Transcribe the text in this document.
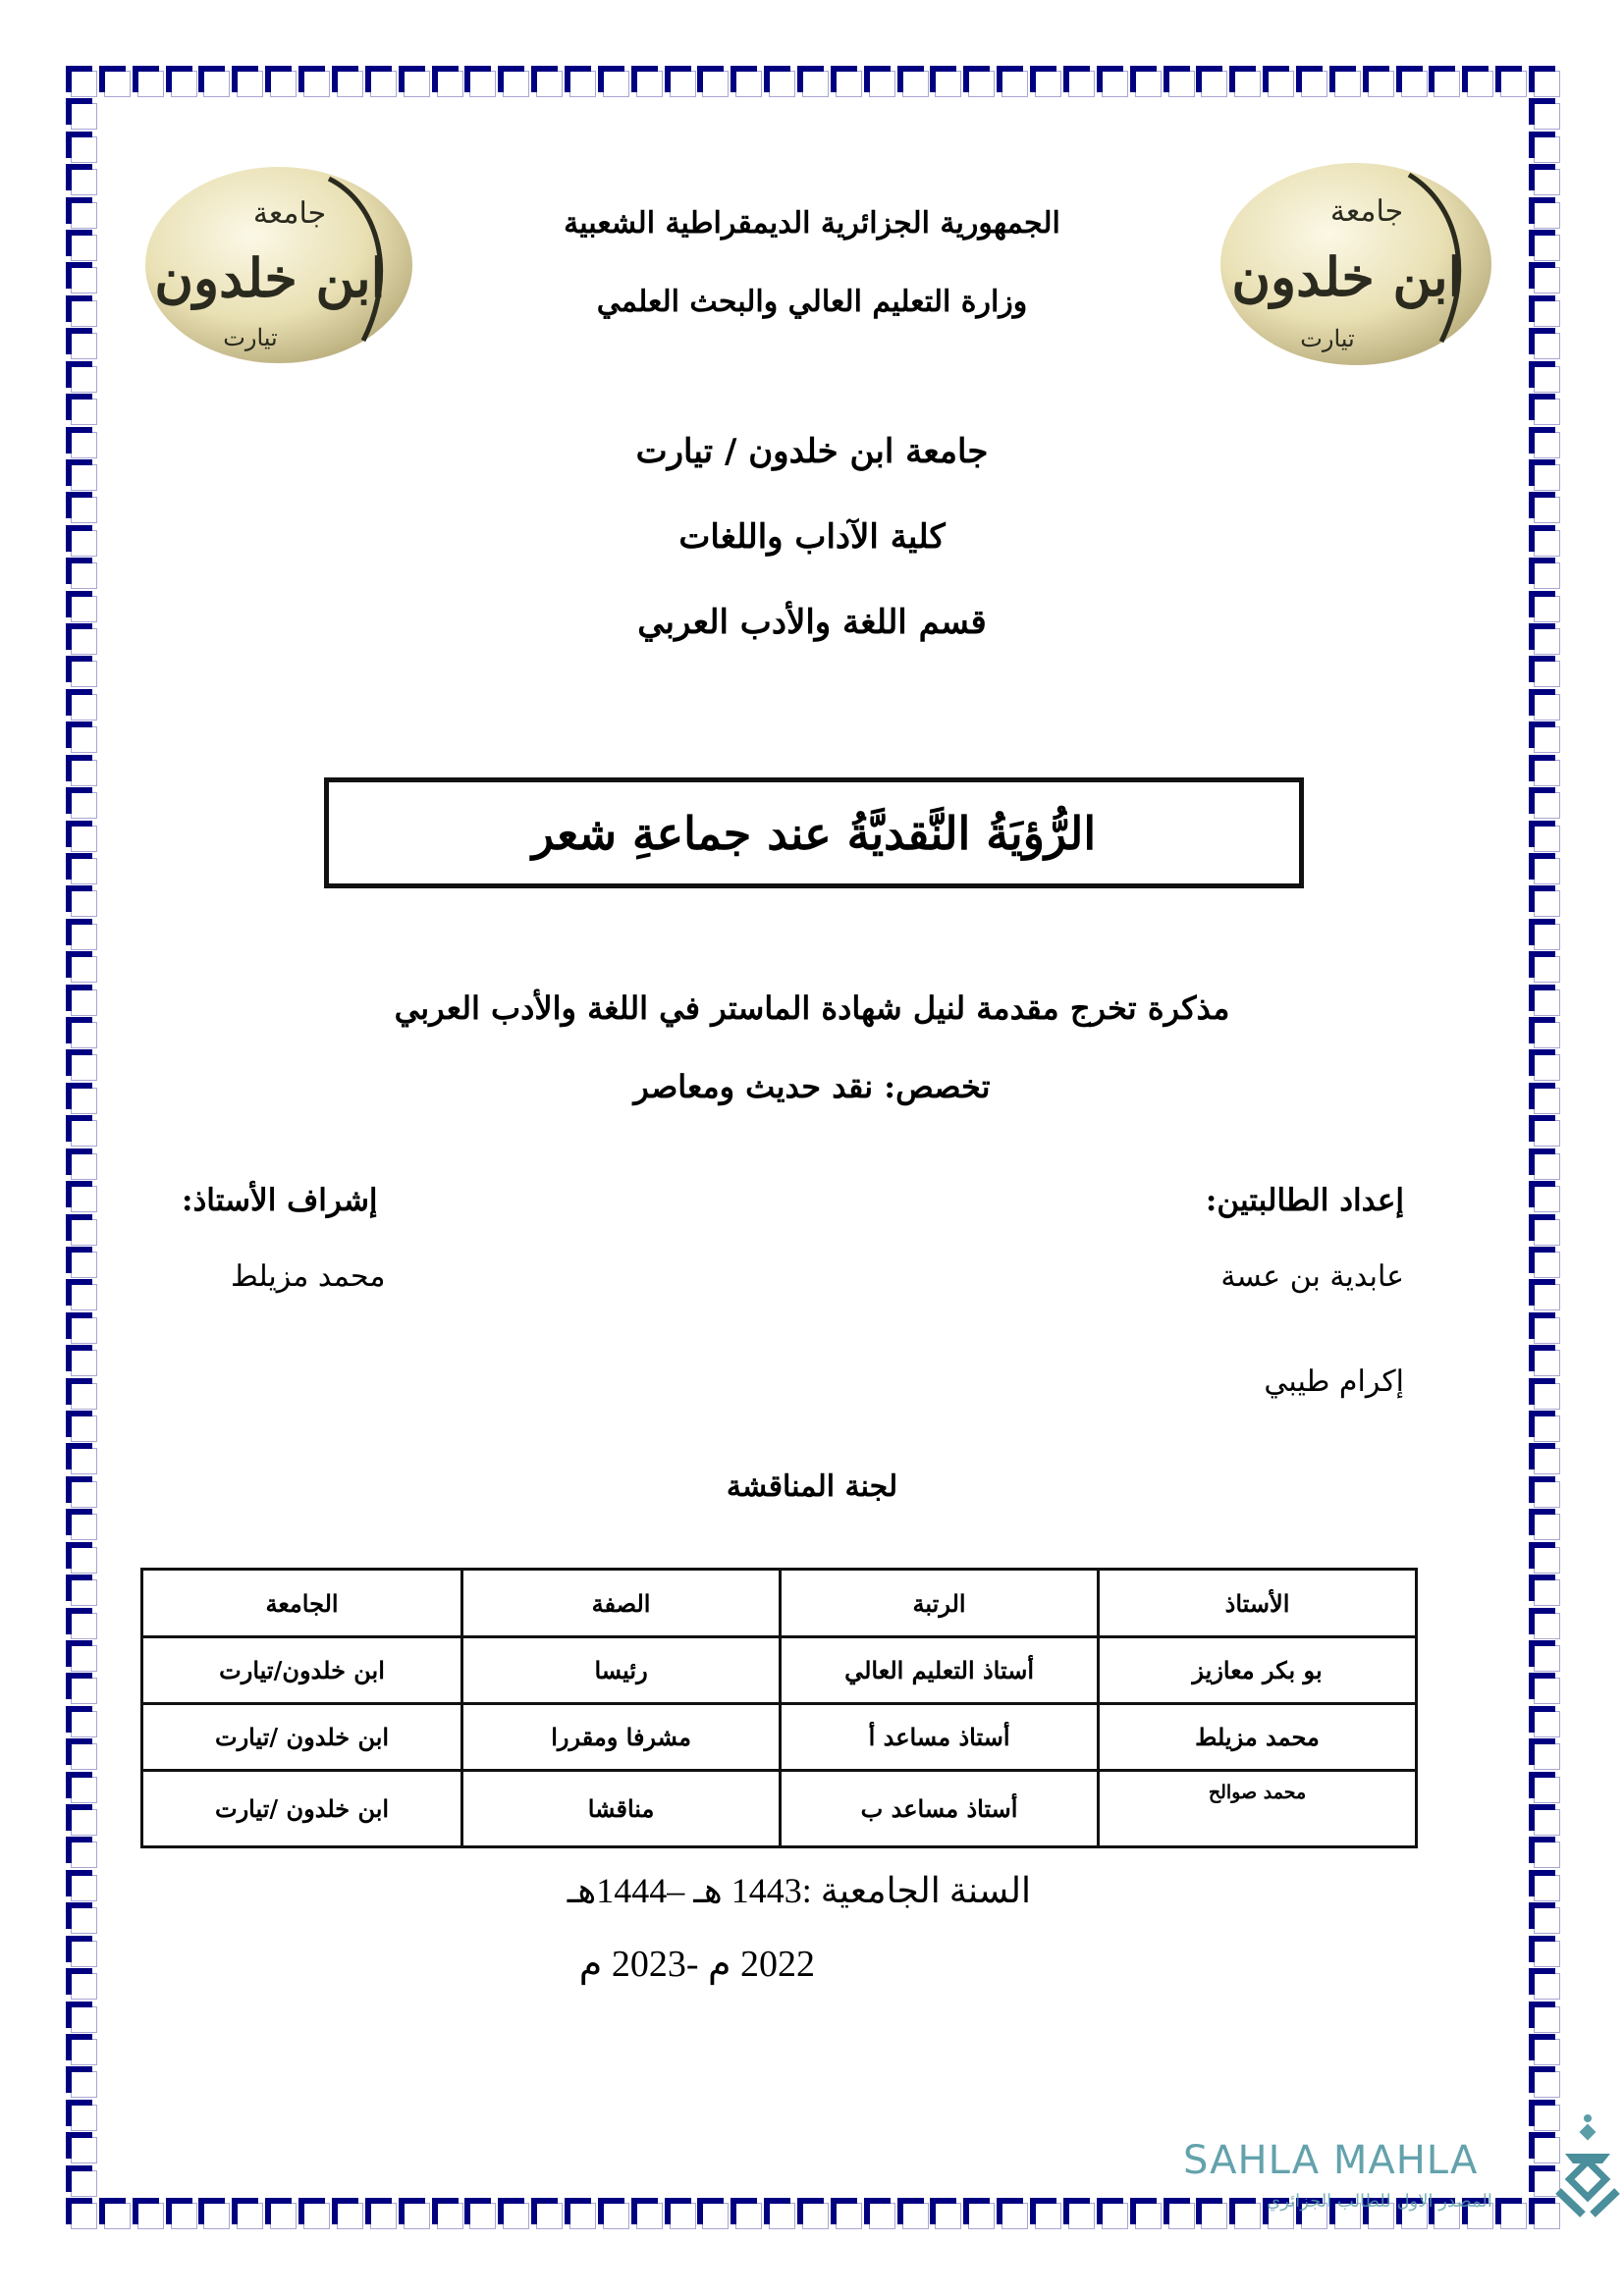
جامعة
ابن خلدون
تيارت
جامعة
ابن خلدون
تيارت
الجمهورية الجزائرية الديمقراطية الشعبية
وزارة التعليم العالي والبحث العلمي
جامعة ابن خلدون / تيارت
كلية الآداب واللغات
قسم اللغة والأدب العربي
الرُّؤيَةُ النَّقديَّةُ عند جماعةِ شعر
مذكرة تخرج مقدمة لنيل شهادة الماستر في اللغة والأدب العربي
تخصص: نقد حديث ومعاصر
إعداد الطالبتين:
عابدية بن عسة
إكرام طيبي
إشراف الأستاذ:
محمد مزيلط
لجنة المناقشة
الأستاذ	الرتبة	الصفة	الجامعة
بو بكر معازيز	أستاذ التعليم العالي	رئيسا	ابن خلدون/تيارت
محمد مزيلط	أستاذ مساعد أ	مشرفا ومقررا	ابن خلدون /تيارت
محمد صوالح	أستاذ مساعد ب	مناقشا	ابن خلدون /تيارت
السنة الجامعية :1443 هـ –1444هـ
2022 م -2023 م
SAHLA MAHLA
المصدر الاول للطالب الجزائري
